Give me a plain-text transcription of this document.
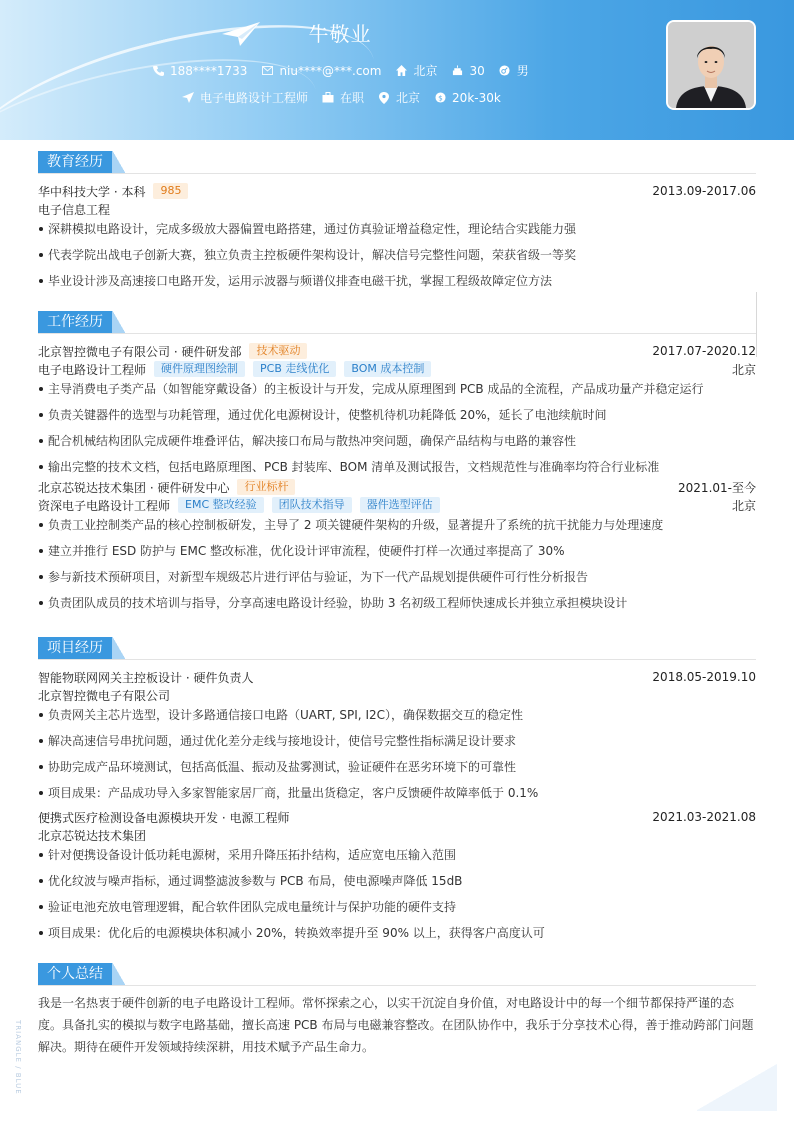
牛敬业
188****1733	niu****@***.com	北京	30	男
电子电路设计工程师	在职	北京 $ 20k-30k
教育经历
华中科技大学 · 本科	985	2013.09-2017.06
电子信息工程
深耕模拟电路设计，完成多级放大器偏置电路搭建，通过仿真验证增益稳定性，理论结合实践能力强
代表学院出战电子创新大赛，独立负责主控板硬件架构设计，解决信号完整性问题，荣获省级一等奖
毕业设计涉及高速接口电路开发，运用示波器与频谱仪排查电磁干扰，掌握工程级故障定位方法
工作经历
北京智控微电子有限公司 · 硬件研发部	技术驱动	2017.07-2020.12
电子电路设计工程师	硬件原理图绘制	PCB 走线优化	BOM 成本控制	北京
主导消费电子类产品（如智能穿戴设备）的主板设计与开发，完成从原理图到 PCB 成品的全流程，产品成功量产并稳定运行
负责关键器件的选型与功耗管理，通过优化电源树设计，使整机待机功耗降低 20%，延长了电池续航时间
配合机械结构团队完成硬件堆叠评估，解决接口布局与散热冲突问题，确保产品结构与电路的兼容性
输出完整的技术文档，包括电路原理图、PCB 封装库、BOM 清单及测试报告，文档规范性与准确率均符合行业标准
北京芯锐达技术集团 · 硬件研发中心	行业标杆	2021.01-至今
资深电子电路设计工程师	EMC 整改经验	团队技术指导	器件选型评估	北京
负责工业控制类产品的核心控制板研发，主导了 2 项关键硬件架构的升级，显著提升了系统的抗干扰能力与处理速度
建立并推行 ESD 防护与 EMC 整改标准，优化设计评审流程，使硬件打样一次通过率提高了 30%
参与新技术预研项目，对新型车规级芯片进行评估与验证，为下一代产品规划提供硬件可行性分析报告
负责团队成员的技术培训与指导，分享高速电路设计经验，协助 3 名初级工程师快速成长并独立承担模块设计
项目经历
智能物联网网关主控板设计 · 硬件负责人	2018.05-2019.10
北京智控微电子有限公司
负责网关主芯片选型，设计多路通信接口电路（UART, SPI, I2C），确保数据交互的稳定性
解决高速信号串扰问题，通过优化差分走线与接地设计，使信号完整性指标满足设计要求
协助完成产品环境测试，包括高低温、振动及盐雾测试，验证硬件在恶劣环境下的可靠性
项目成果：产品成功导入多家智能家居厂商，批量出货稳定，客户反馈硬件故障率低于 0.1%
便携式医疗检测设备电源模块开发 · 电源工程师	2021.03-2021.08
北京芯锐达技术集团
针对便携设备设计低功耗电源树，采用升降压拓扑结构，适应宽电压输入范围
优化纹波与噪声指标，通过调整滤波参数与 PCB 布局，使电源噪声降低 15dB
验证电池充放电管理逻辑，配合软件团队完成电量统计与保护功能的硬件支持
项目成果：优化后的电源模块体积减小 20%，转换效率提升至 90% 以上，获得客户高度认可
个人总结
我是一名热衷于硬件创新的电子电路设计工程师。常怀探索之心，以实干沉淀自身价值，对电路设计中的每一个细节都保持严谨的态度。具备扎实的模拟与数字电路基础，擅长高速 PCB 布局与电磁兼容整改。在团队协作中，我乐于分享技术心得，善于推动跨部门问题解决。期待在硬件开发领域持续深耕，用技术赋予产品生命力。
TRIANGLE / BLUE
